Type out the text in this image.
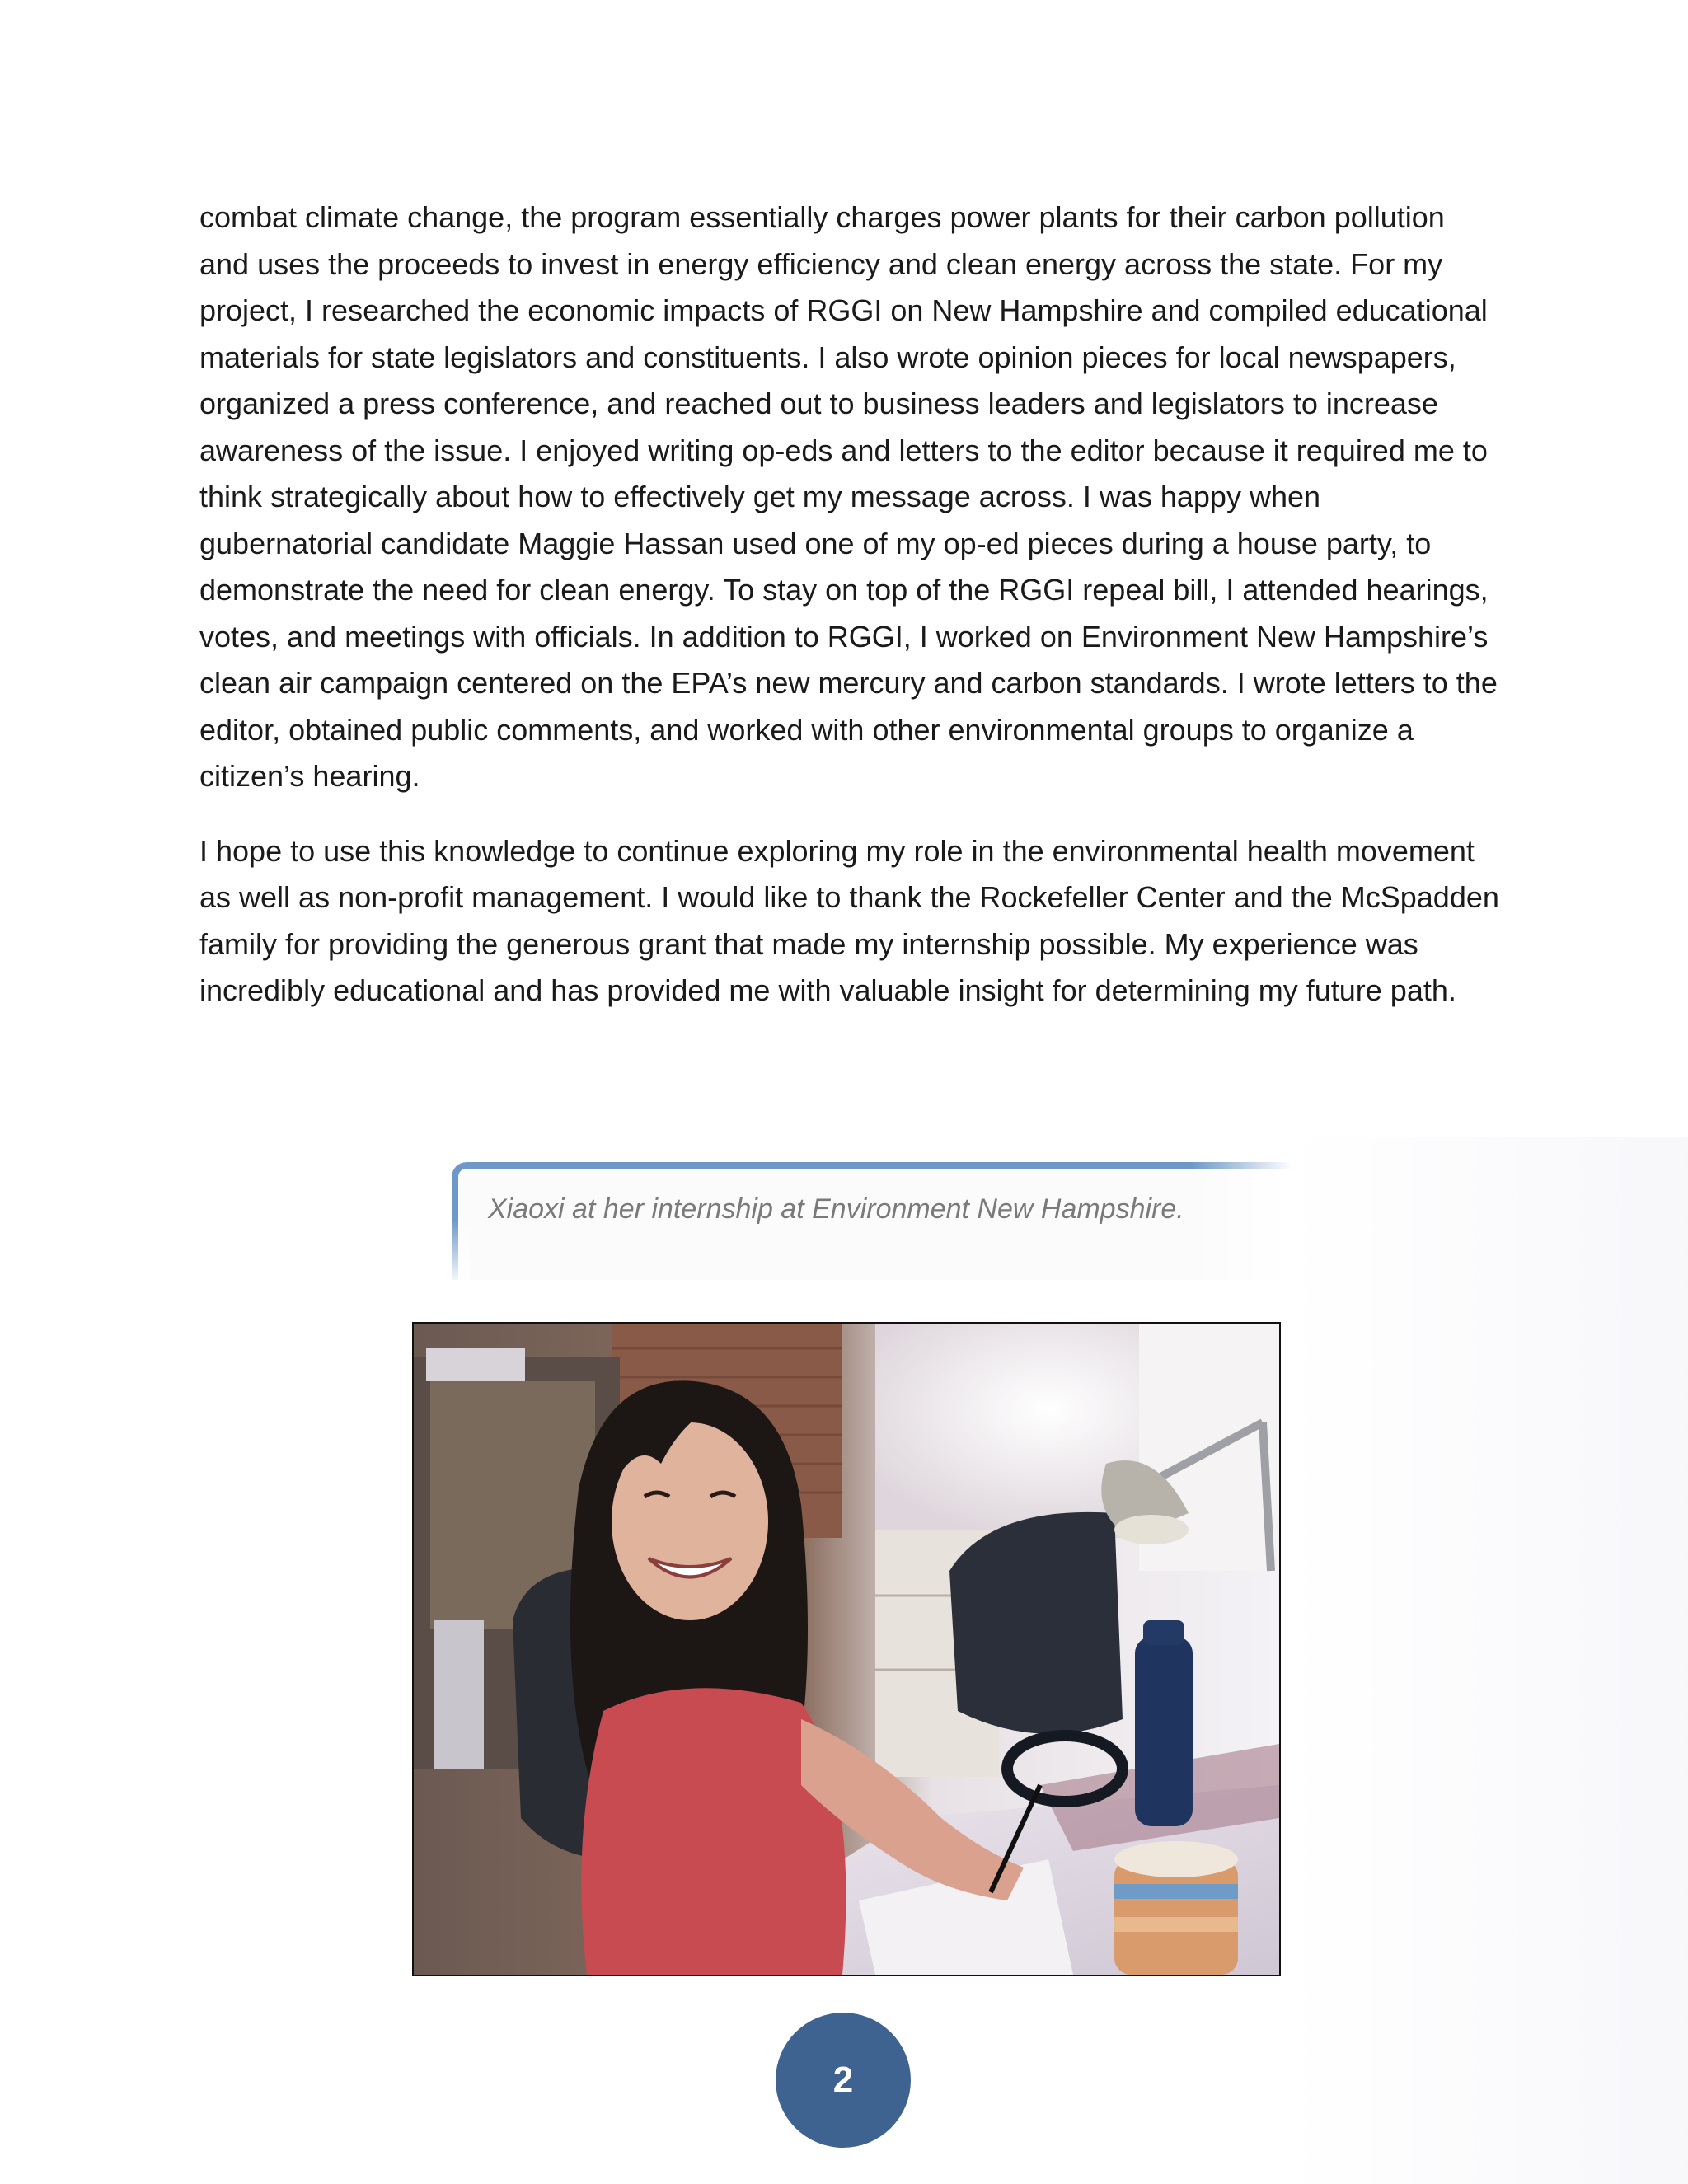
combat climate change, the program essentially charges power plants for their carbon pollution and uses the proceeds to invest in energy efficiency and clean energy across the state. For my project, I researched the economic impacts of RGGI on New Hampshire and compiled educational materials for state legislators and constituents. I also wrote opinion pieces for local newspapers, organized a press conference, and reached out to business leaders and legislators to increase awareness of the issue. I enjoyed writing op-eds and letters to the editor because it required me to think strategically about how to effectively get my message across. I was happy when gubernatorial candidate Maggie Hassan used one of my op-ed pieces during a house party, to demonstrate the need for clean energy. To stay on top of the RGGI repeal bill, I attended hearings, votes, and meetings with officials. In addition to RGGI, I worked on Environment New Hampshire’s clean air campaign centered on the EPA’s new mercury and carbon standards. I wrote letters to the editor, obtained public comments, and worked with other environmental groups to organize a citizen’s hearing.

I hope to use this knowledge to continue exploring my role in the environmental health movement as well as non-profit management. I would like to thank the Rockefeller Center and the McSpadden family for providing the generous grant that made my internship possible. My experience was incredibly educational and has provided me with valuable insight for determining my future path.

Xiaoxi at her internship at Environment New Hampshire.
2
